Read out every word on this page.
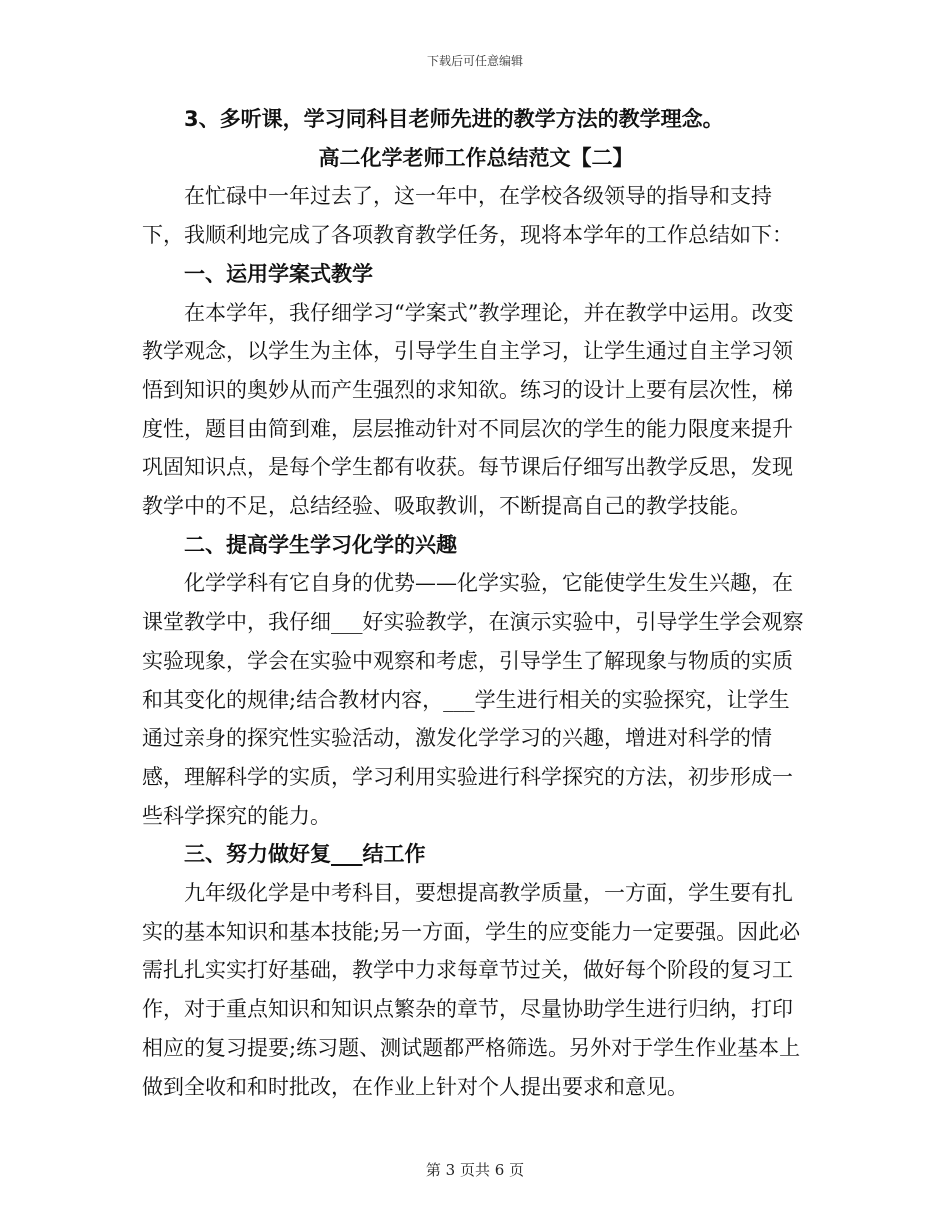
下载后可任意编辑

3、多听课，学习同科目老师先进的教学方法的教学理念。

高二化学老师工作总结范文【二】

在忙碌中一年过去了，这一年中，在学校各级领导的指导和支持下，我顺利地完成了各项教育教学任务，现将本学年的工作总结如下：

一、运用学案式教学

在本学年，我仔细学习“学案式”教学理论，并在教学中运用。改变教学观念，以学生为主体，引导学生自主学习，让学生通过自主学习领悟到知识的奥妙从而产生强烈的求知欲。练习的设计上要有层次性，梯度性，题目由简到难，层层推动针对不同层次的学生的能力限度来提升巩固知识点，是每个学生都有收获。每节课后仔细写出教学反思，发现教学中的不足，总结经验、吸取教训，不断提高自己的教学技能。

二、提高学生学习化学的兴趣

化学学科有它自身的优势——化学实验，它能使学生发生兴趣，在课堂教学中，我仔细___好实验教学，在演示实验中，引导学生学会观察实验现象，学会在实验中观察和考虑，引导学生了解现象与物质的实质和其变化的规律;结合教材内容，___学生进行相关的实验探究，让学生通过亲身的探究性实验活动，激发化学学习的兴趣，增进对科学的情感，理解科学的实质，学习利用实验进行科学探究的方法，初步形成一些科学探究的能力。

三、努力做好复___结工作

九年级化学是中考科目，要想提高教学质量，一方面，学生要有扎实的基本知识和基本技能;另一方面，学生的应变能力一定要强。因此必需扎扎实实打好基础，教学中力求每章节过关，做好每个阶段的复习工作，对于重点知识和知识点繁杂的章节，尽量协助学生进行归纳，打印相应的复习提要;练习题、测试题都严格筛选。另外对于学生作业基本上做到全收和和时批改，在作业上针对个人提出要求和意见。

第 3 页共 6 页
